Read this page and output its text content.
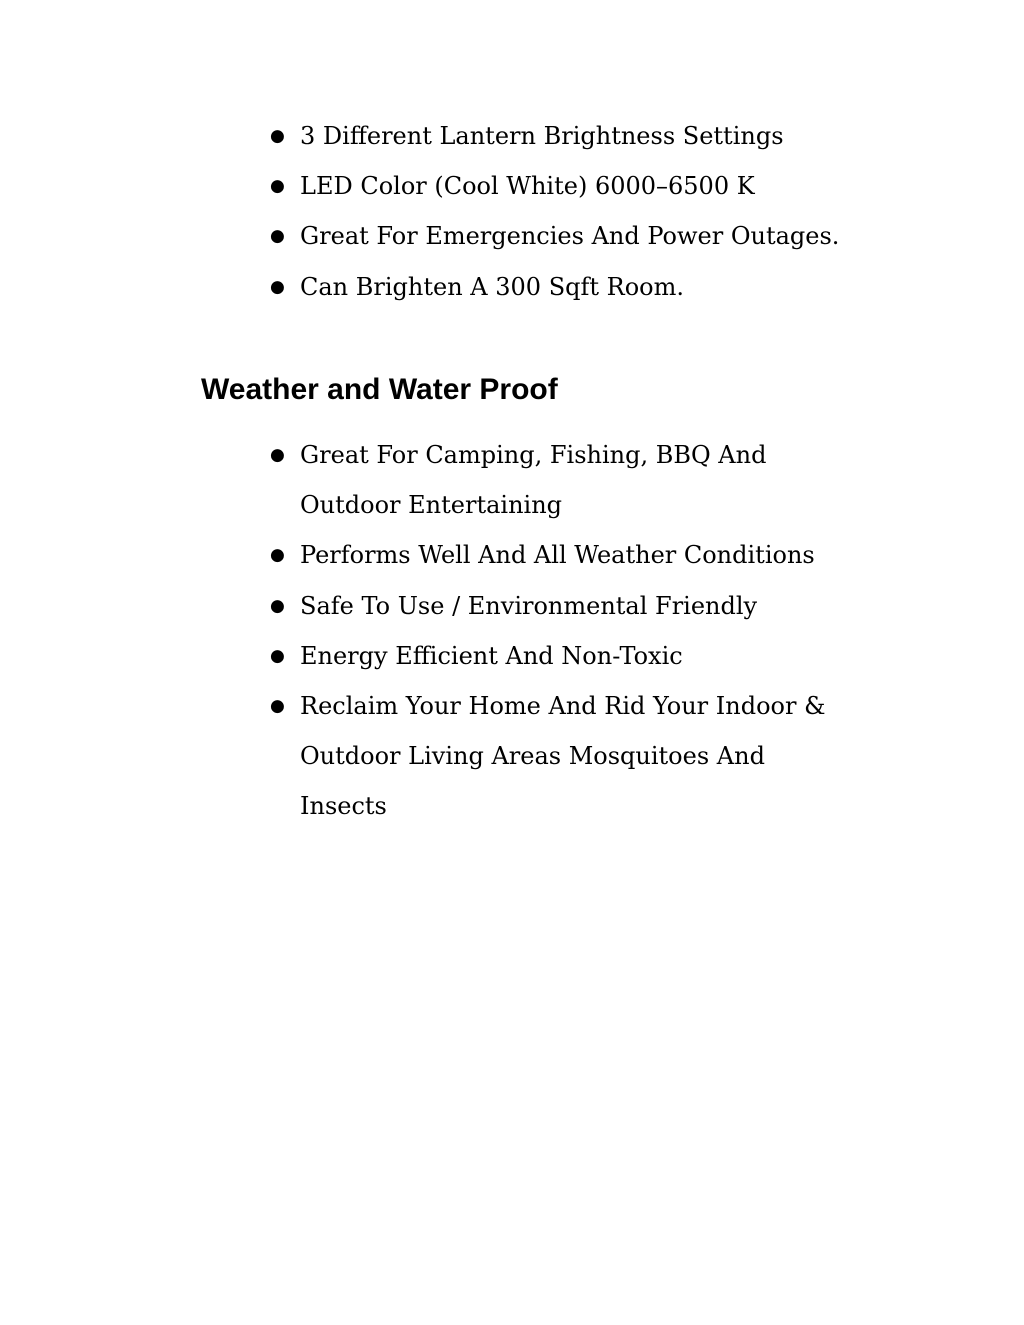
● 3 Different Lantern Brightness Settings
● LED Color (Cool White) 6000–6500 K
● Great For Emergencies And Power Outages.
● Can Brighten A 300 Sqft Room.
Weather and Water Proof
● Great For Camping, Fishing, BBQ And Outdoor Entertaining
● Performs Well And All Weather Conditions
● Safe To Use / Environmental Friendly
● Energy Efficient And Non-Toxic
● Reclaim Your Home And Rid Your Indoor & Outdoor Living Areas Mosquitoes And Insects
